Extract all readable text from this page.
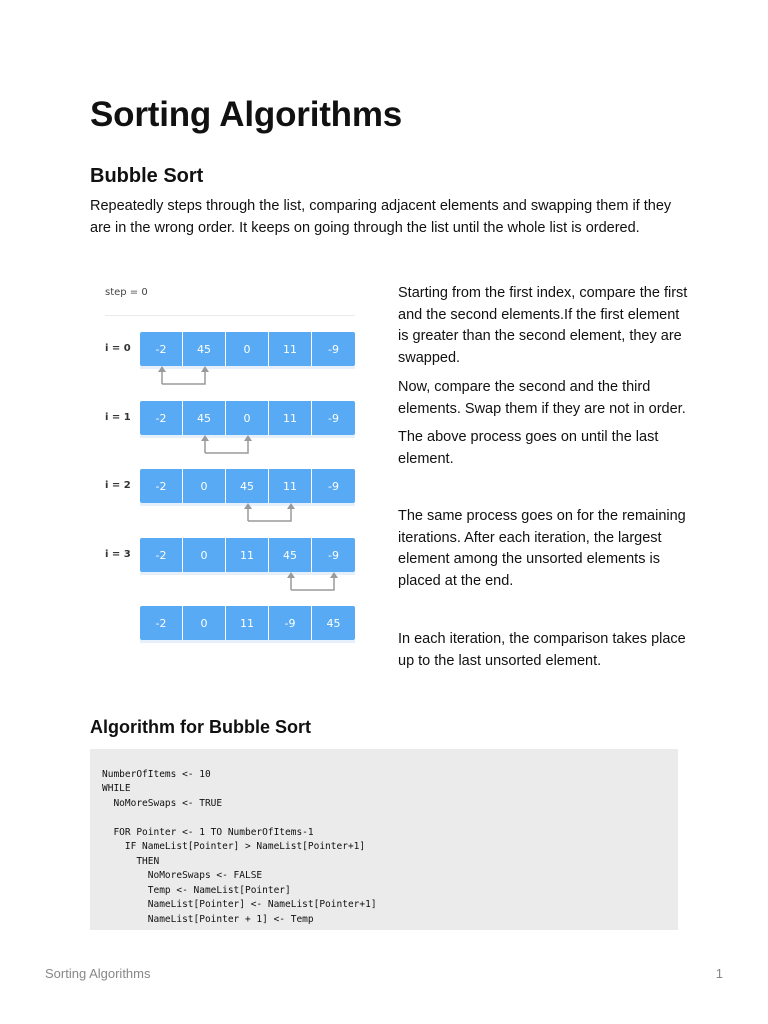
Sorting Algorithms
Bubble Sort

Repeatedly steps through the list, comparing adjacent elements and swapping them if they are in the wrong order. It keeps on going through the list until the whole list is ordered.

step = 0
i = 0	-2	45	0	11	-9
i = 1	-2	45	0	11	-9
i = 2	-2	0	45	11	-9
i = 3	-2	0	11	45	-9
-2	0	11	-9	45

Starting from the first index, compare the first and the second elements.If the first element is greater than the second element, they are swapped.

Now, compare the second and the third elements. Swap them if they are not in order.

The above process goes on until the last element.

The same process goes on for the remaining iterations. After each iteration, the largest element among the unsorted elements is placed at the end.

In each iteration, the comparison takes place up to the last unsorted element.

Algorithm for Bubble Sort
NumberOfItems <- 10
WHILE
NoMoreSwaps <- TRUE
FOR Pointer <- 1 TO NumberOfItems-1
IF NameList[Pointer] > NameList[Pointer+1]
THEN
NoMoreSwaps <- FALSE
Temp <- NameList[Pointer]
NameList[Pointer] <- NameList[Pointer+1]
NameList[Pointer + 1] <- Temp
Sorting Algorithms	1
